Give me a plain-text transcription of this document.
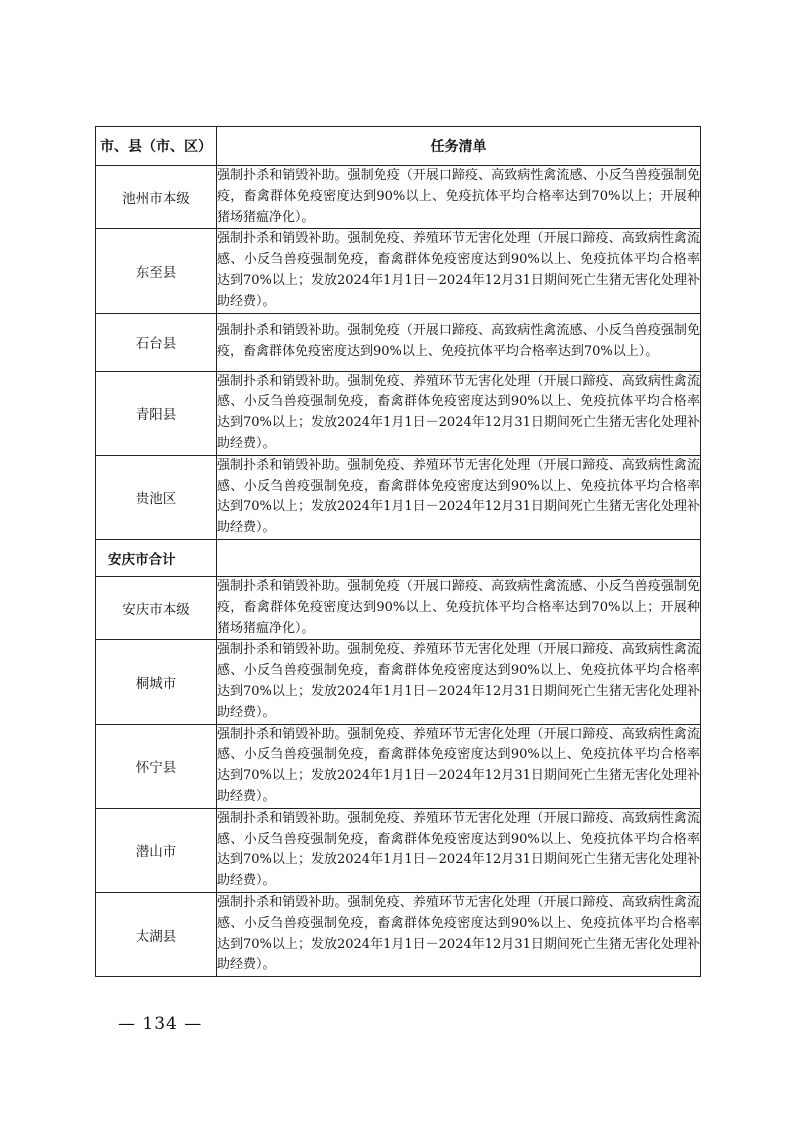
市、县（市、区）	任务清单
池州市本级	强制扑杀和销毁补助。强制免疫（开展口蹄疫、高致病性禽流感、小反刍兽疫强制免疫，畜禽群体免疫密度达到90%以上、免疫抗体平均合格率达到70%以上；开展种猪场猪瘟净化）。
东至县	强制扑杀和销毁补助。强制免疫、养殖环节无害化处理（开展口蹄疫、高致病性禽流感、小反刍兽疫强制免疫，畜禽群体免疫密度达到90%以上、免疫抗体平均合格率达到70%以上；发放2024年1月1日－2024年12月31日期间死亡生猪无害化处理补助经费）。
石台县	强制扑杀和销毁补助。强制免疫（开展口蹄疫、高致病性禽流感、小反刍兽疫强制免疫，畜禽群体免疫密度达到90%以上、免疫抗体平均合格率达到70%以上）。
青阳县	强制扑杀和销毁补助。强制免疫、养殖环节无害化处理（开展口蹄疫、高致病性禽流感、小反刍兽疫强制免疫，畜禽群体免疫密度达到90%以上、免疫抗体平均合格率达到70%以上；发放2024年1月1日－2024年12月31日期间死亡生猪无害化处理补助经费）。
贵池区	强制扑杀和销毁补助。强制免疫、养殖环节无害化处理（开展口蹄疫、高致病性禽流感、小反刍兽疫强制免疫，畜禽群体免疫密度达到90%以上、免疫抗体平均合格率达到70%以上；发放2024年1月1日－2024年12月31日期间死亡生猪无害化处理补助经费）。
安庆市合计	
安庆市本级	强制扑杀和销毁补助。强制免疫（开展口蹄疫、高致病性禽流感、小反刍兽疫强制免疫，畜禽群体免疫密度达到90%以上、免疫抗体平均合格率达到70%以上；开展种猪场猪瘟净化）。
桐城市	强制扑杀和销毁补助。强制免疫、养殖环节无害化处理（开展口蹄疫、高致病性禽流感、小反刍兽疫强制免疫，畜禽群体免疫密度达到90%以上、免疫抗体平均合格率达到70%以上；发放2024年1月1日－2024年12月31日期间死亡生猪无害化处理补助经费）。
怀宁县	强制扑杀和销毁补助。强制免疫、养殖环节无害化处理（开展口蹄疫、高致病性禽流感、小反刍兽疫强制免疫，畜禽群体免疫密度达到90%以上、免疫抗体平均合格率达到70%以上；发放2024年1月1日－2024年12月31日期间死亡生猪无害化处理补助经费）。
潜山市	强制扑杀和销毁补助。强制免疫、养殖环节无害化处理（开展口蹄疫、高致病性禽流感、小反刍兽疫强制免疫，畜禽群体免疫密度达到90%以上、免疫抗体平均合格率达到70%以上；发放2024年1月1日－2024年12月31日期间死亡生猪无害化处理补助经费）。
太湖县	强制扑杀和销毁补助。强制免疫、养殖环节无害化处理（开展口蹄疫、高致病性禽流感、小反刍兽疫强制免疫，畜禽群体免疫密度达到90%以上、免疫抗体平均合格率达到70%以上；发放2024年1月1日－2024年12月31日期间死亡生猪无害化处理补助经费）。
— 134 —
